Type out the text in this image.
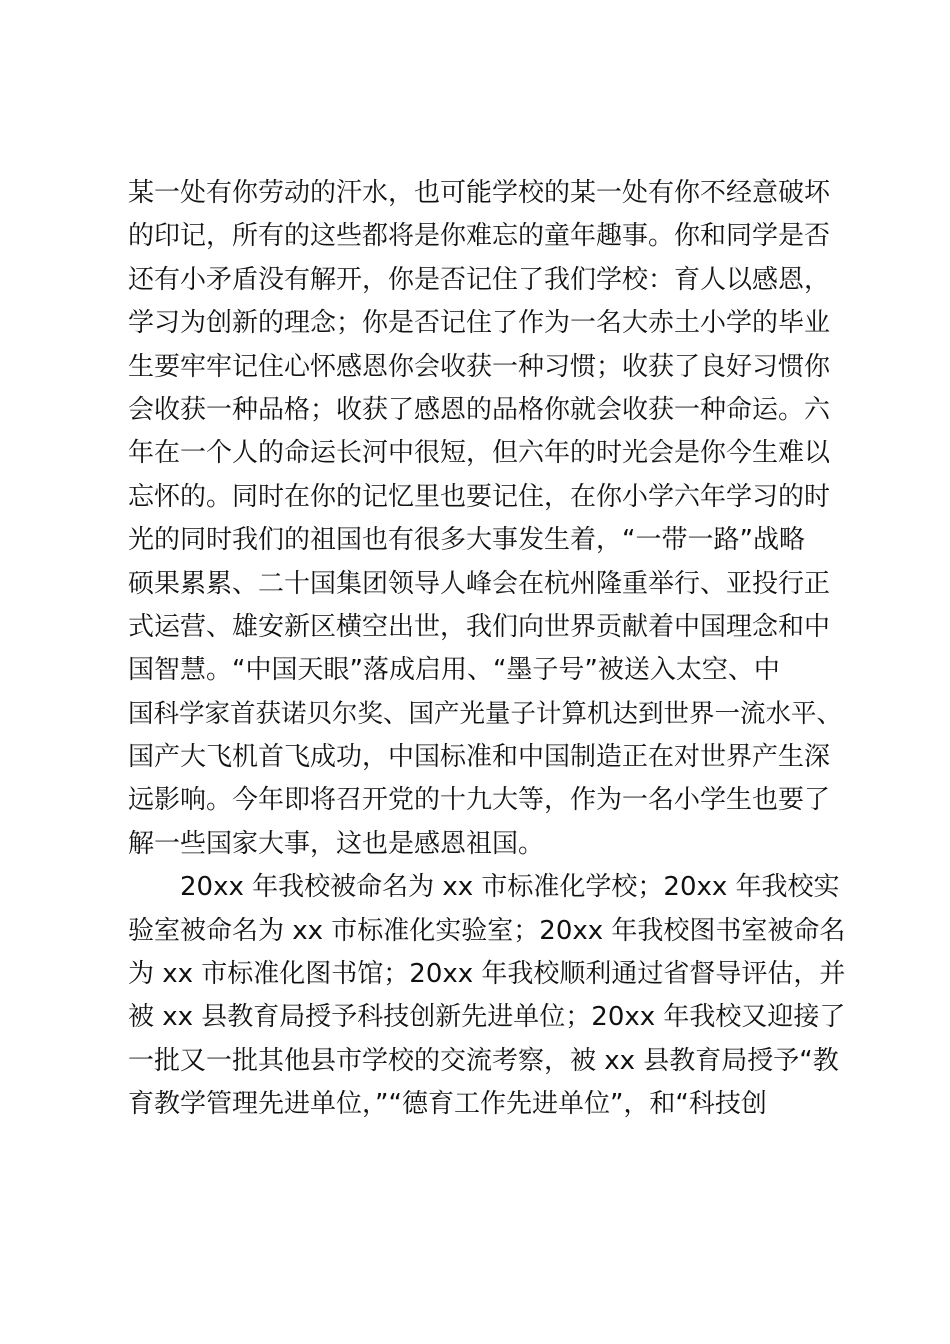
某一处有你劳动的汗水，也可能学校的某一处有你不经意破坏
的印记，所有的这些都将是你难忘的童年趣事。你和同学是否
还有小矛盾没有解开，你是否记住了我们学校：育人以感恩，
学习为创新的理念；你是否记住了作为一名大赤土小学的毕业
生要牢牢记住心怀感恩你会收获一种习惯；收获了良好习惯你
会收获一种品格；收获了感恩的品格你就会收获一种命运。六
年在一个人的命运长河中很短，但六年的时光会是你今生难以
忘怀的。同时在你的记忆里也要记住，在你小学六年学习的时
光的同时我们的祖国也有很多大事发生着，“一带一路”战略
硕果累累、二十国集团领导人峰会在杭州隆重举行、亚投行正
式运营、雄安新区横空出世，我们向世界贡献着中国理念和中
国智慧。“中国天眼”落成启用、“墨子号”被送入太空、中
国科学家首获诺贝尔奖、国产光量子计算机达到世界一流水平、
国产大飞机首飞成功，中国标准和中国制造正在对世界产生深
远影响。今年即将召开党的十九大等，作为一名小学生也要了
解一些国家大事，这也是感恩祖国。
20xx 年我校被命名为 xx 市标准化学校；20xx 年我校实
验室被命名为 xx 市标准化实验室；20xx 年我校图书室被命名
为 xx 市标准化图书馆；20xx 年我校顺利通过省督导评估，并
被 xx 县教育局授予科技创新先进单位；20xx 年我校又迎接了
一批又一批其他县市学校的交流考察，被 xx 县教育局授予“教
育教学管理先进单位，”“德育工作先进单位”，和“科技创
